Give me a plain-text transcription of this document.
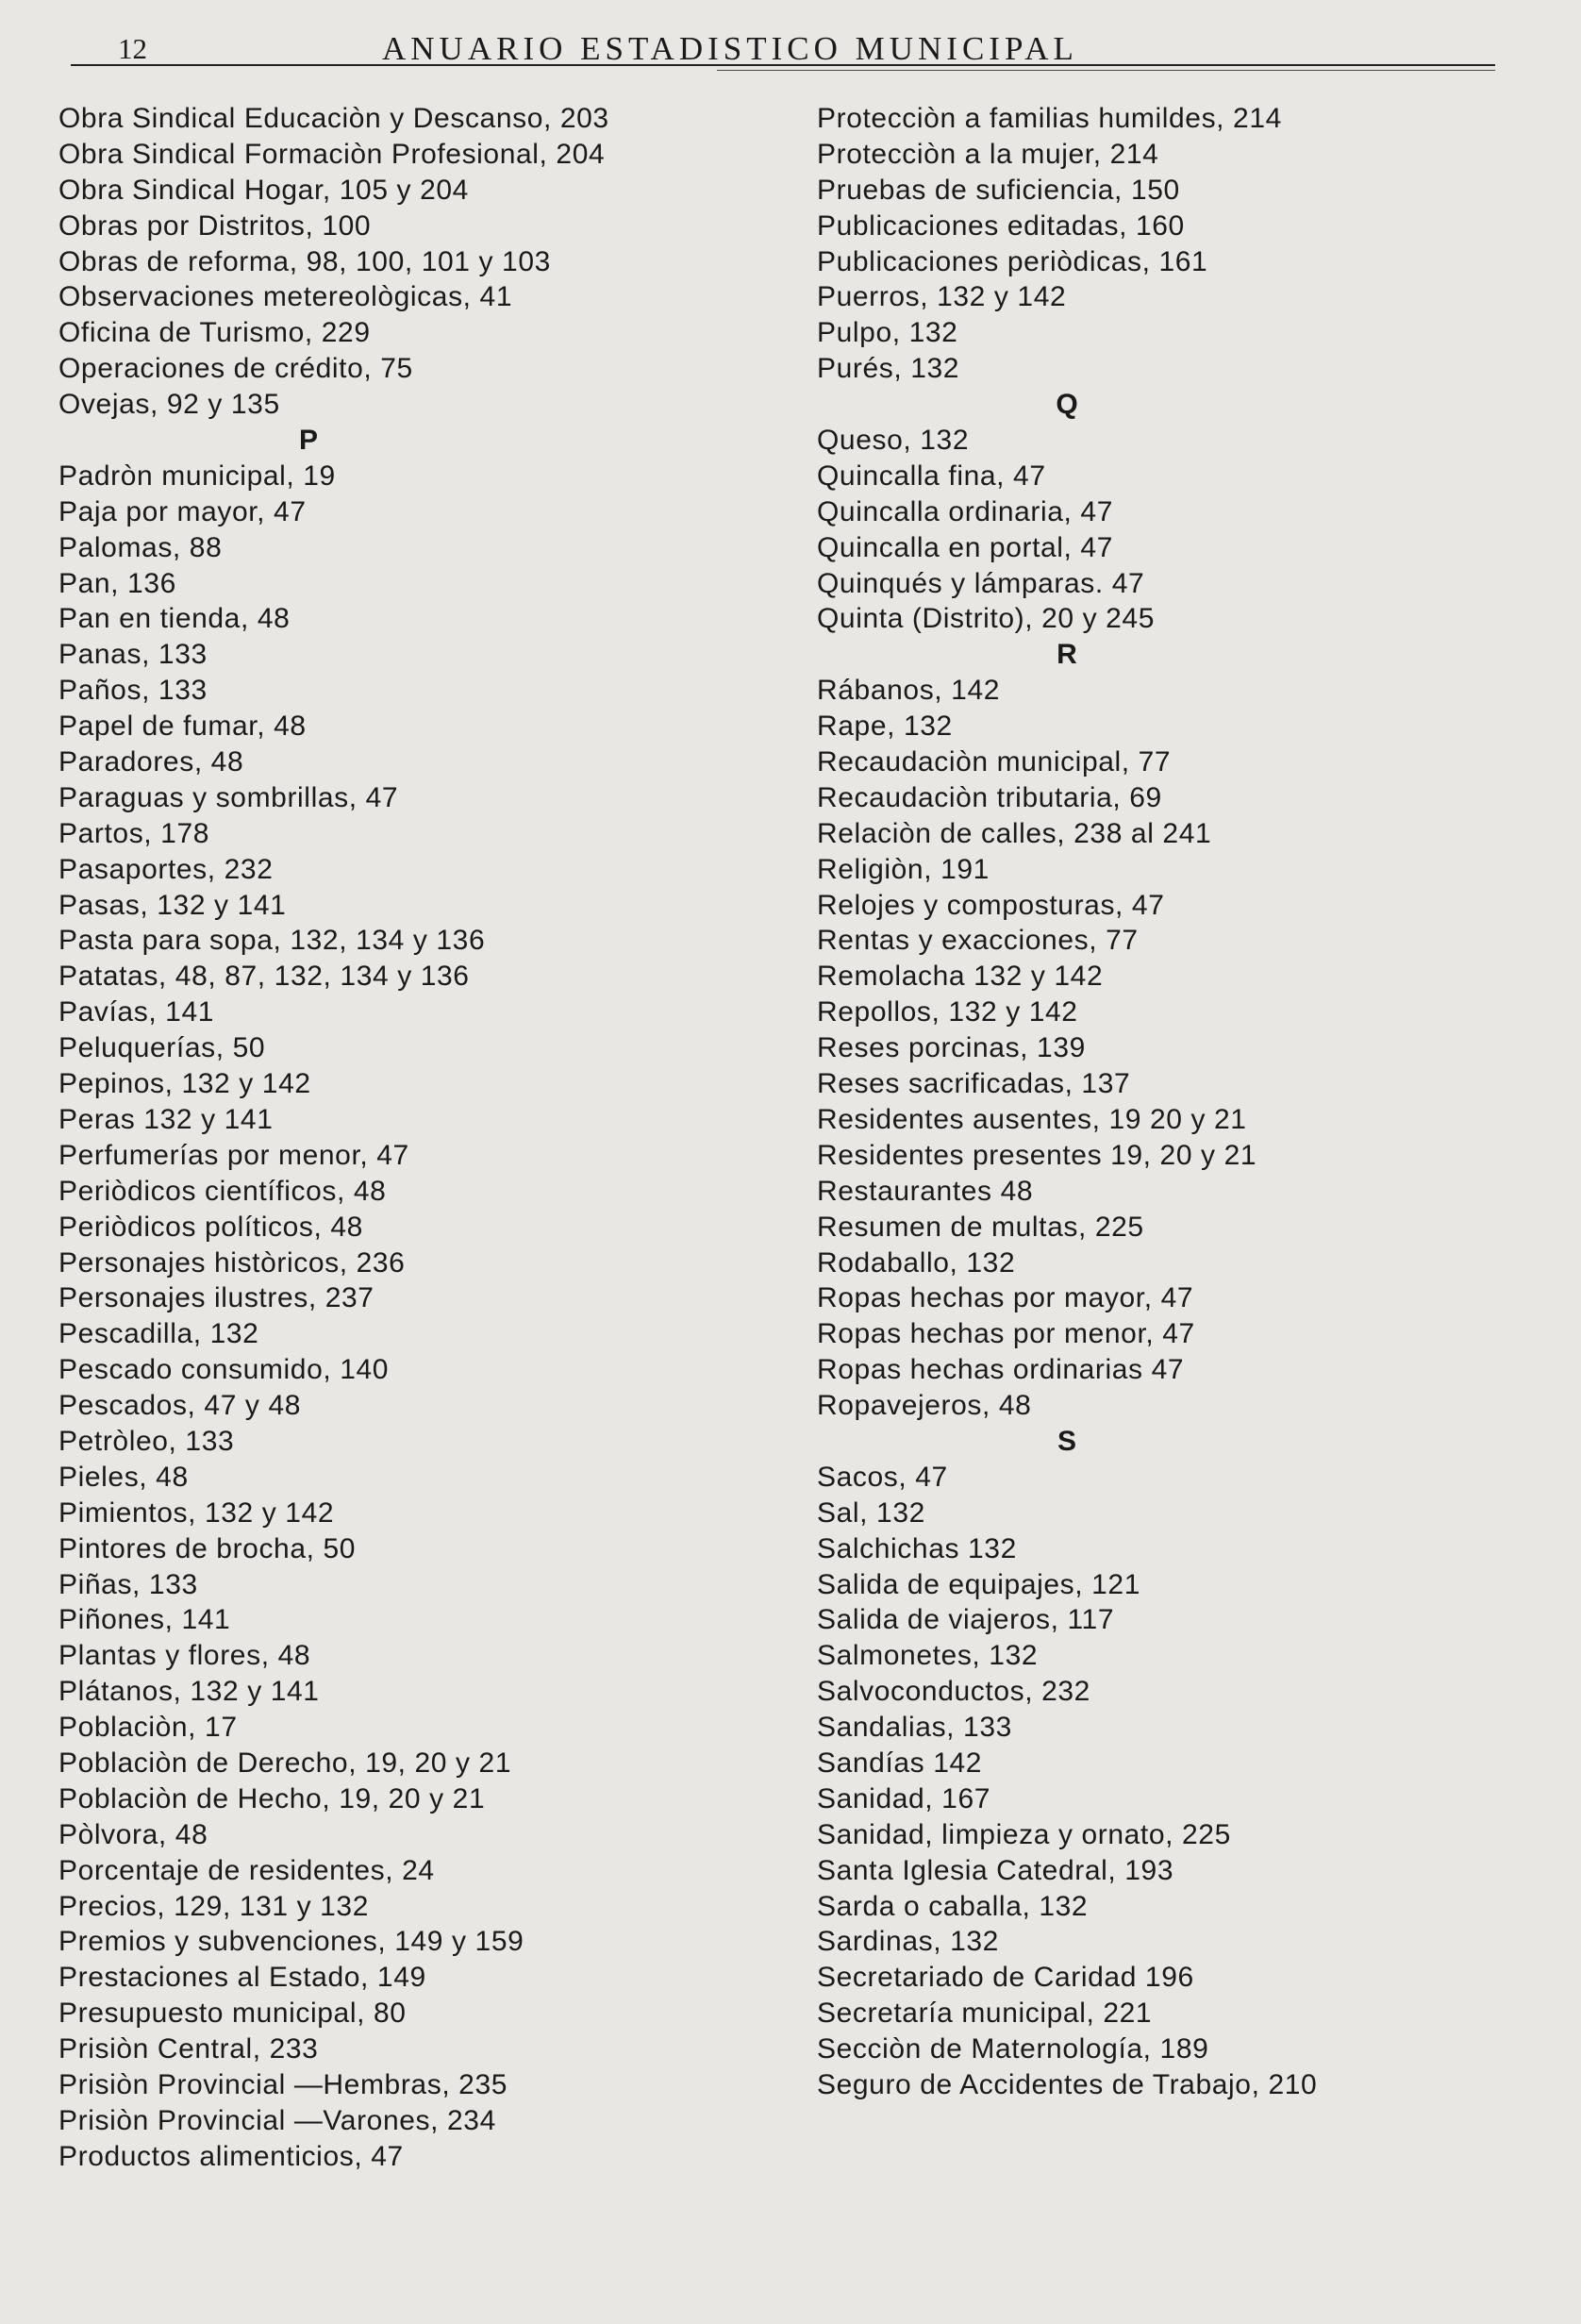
12	ANUARIO ESTADISTICO MUNICIPAL
Obra Sindical Educaciòn y Descanso, 203
Obra Sindical Formaciòn Profesional, 204
Obra Sindical Hogar, 105 y 204
Obras por Distritos, 100
Obras de reforma, 98, 100, 101 y 103
Observaciones metereològicas, 41
Oficina de Turismo, 229
Operaciones de crédito, 75
Ovejas, 92 y 135
P
Padròn municipal, 19
Paja por mayor, 47
Palomas, 88
Pan, 136
Pan en tienda, 48
Panas, 133
Paños, 133
Papel de fumar, 48
Paradores, 48
Paraguas y sombrillas, 47
Partos, 178
Pasaportes, 232
Pasas, 132 y 141
Pasta para sopa, 132, 134 y 136
Patatas, 48, 87, 132, 134 y 136
Pavías, 141
Peluquerías, 50
Pepinos, 132 y 142
Peras 132 y 141
Perfumerías por menor, 47
Periòdicos científicos, 48
Periòdicos políticos, 48
Personajes històricos, 236
Personajes ilustres, 237
Pescadilla, 132
Pescado consumido, 140
Pescados, 47 y 48
Petròleo, 133
Pieles, 48
Pimientos, 132 y 142
Pintores de brocha, 50
Piñas, 133
Piñones, 141
Plantas y flores, 48
Plátanos, 132 y 141
Poblaciòn, 17
Poblaciòn de Derecho, 19, 20 y 21
Poblaciòn de Hecho, 19, 20 y 21
Pòlvora, 48
Porcentaje de residentes, 24
Precios, 129, 131 y 132
Premios y subvenciones, 149 y 159
Prestaciones al Estado, 149
Presupuesto municipal, 80
Prisiòn Central, 233
Prisiòn Provincial —Hembras, 235
Prisiòn Provincial —Varones, 234
Productos alimenticios, 47
Protecciòn a familias humildes, 214
Protecciòn a la mujer, 214
Pruebas de suficiencia, 150
Publicaciones editadas, 160
Publicaciones periòdicas, 161
Puerros, 132 y 142
Pulpo, 132
Purés, 132
Q
Queso, 132
Quincalla fina, 47
Quincalla ordinaria, 47
Quincalla en portal, 47
Quinqués y lámparas. 47
Quinta (Distrito), 20 y 245
R
Rábanos, 142
Rape, 132
Recaudaciòn municipal, 77
Recaudaciòn tributaria, 69
Relaciòn de calles, 238 al 241
Religiòn, 191
Relojes y composturas, 47
Rentas y exacciones, 77
Remolacha 132 y 142
Repollos, 132 y 142
Reses porcinas, 139
Reses sacrificadas, 137
Residentes ausentes, 19 20 y 21
Residentes presentes 19, 20 y 21
Restaurantes 48
Resumen de multas, 225
Rodaballo, 132
Ropas hechas por mayor, 47
Ropas hechas por menor, 47
Ropas hechas ordinarias 47
Ropavejeros, 48
S
Sacos, 47
Sal, 132
Salchichas 132
Salida de equipajes, 121
Salida de viajeros, 117
Salmonetes, 132
Salvoconductos, 232
Sandalias, 133
Sandías 142
Sanidad, 167
Sanidad, limpieza y ornato, 225
Santa Iglesia Catedral, 193
Sarda o caballa, 132
Sardinas, 132
Secretariado de Caridad 196
Secretaría municipal, 221
Secciòn de Maternología, 189
Seguro de Accidentes de Trabajo, 210
